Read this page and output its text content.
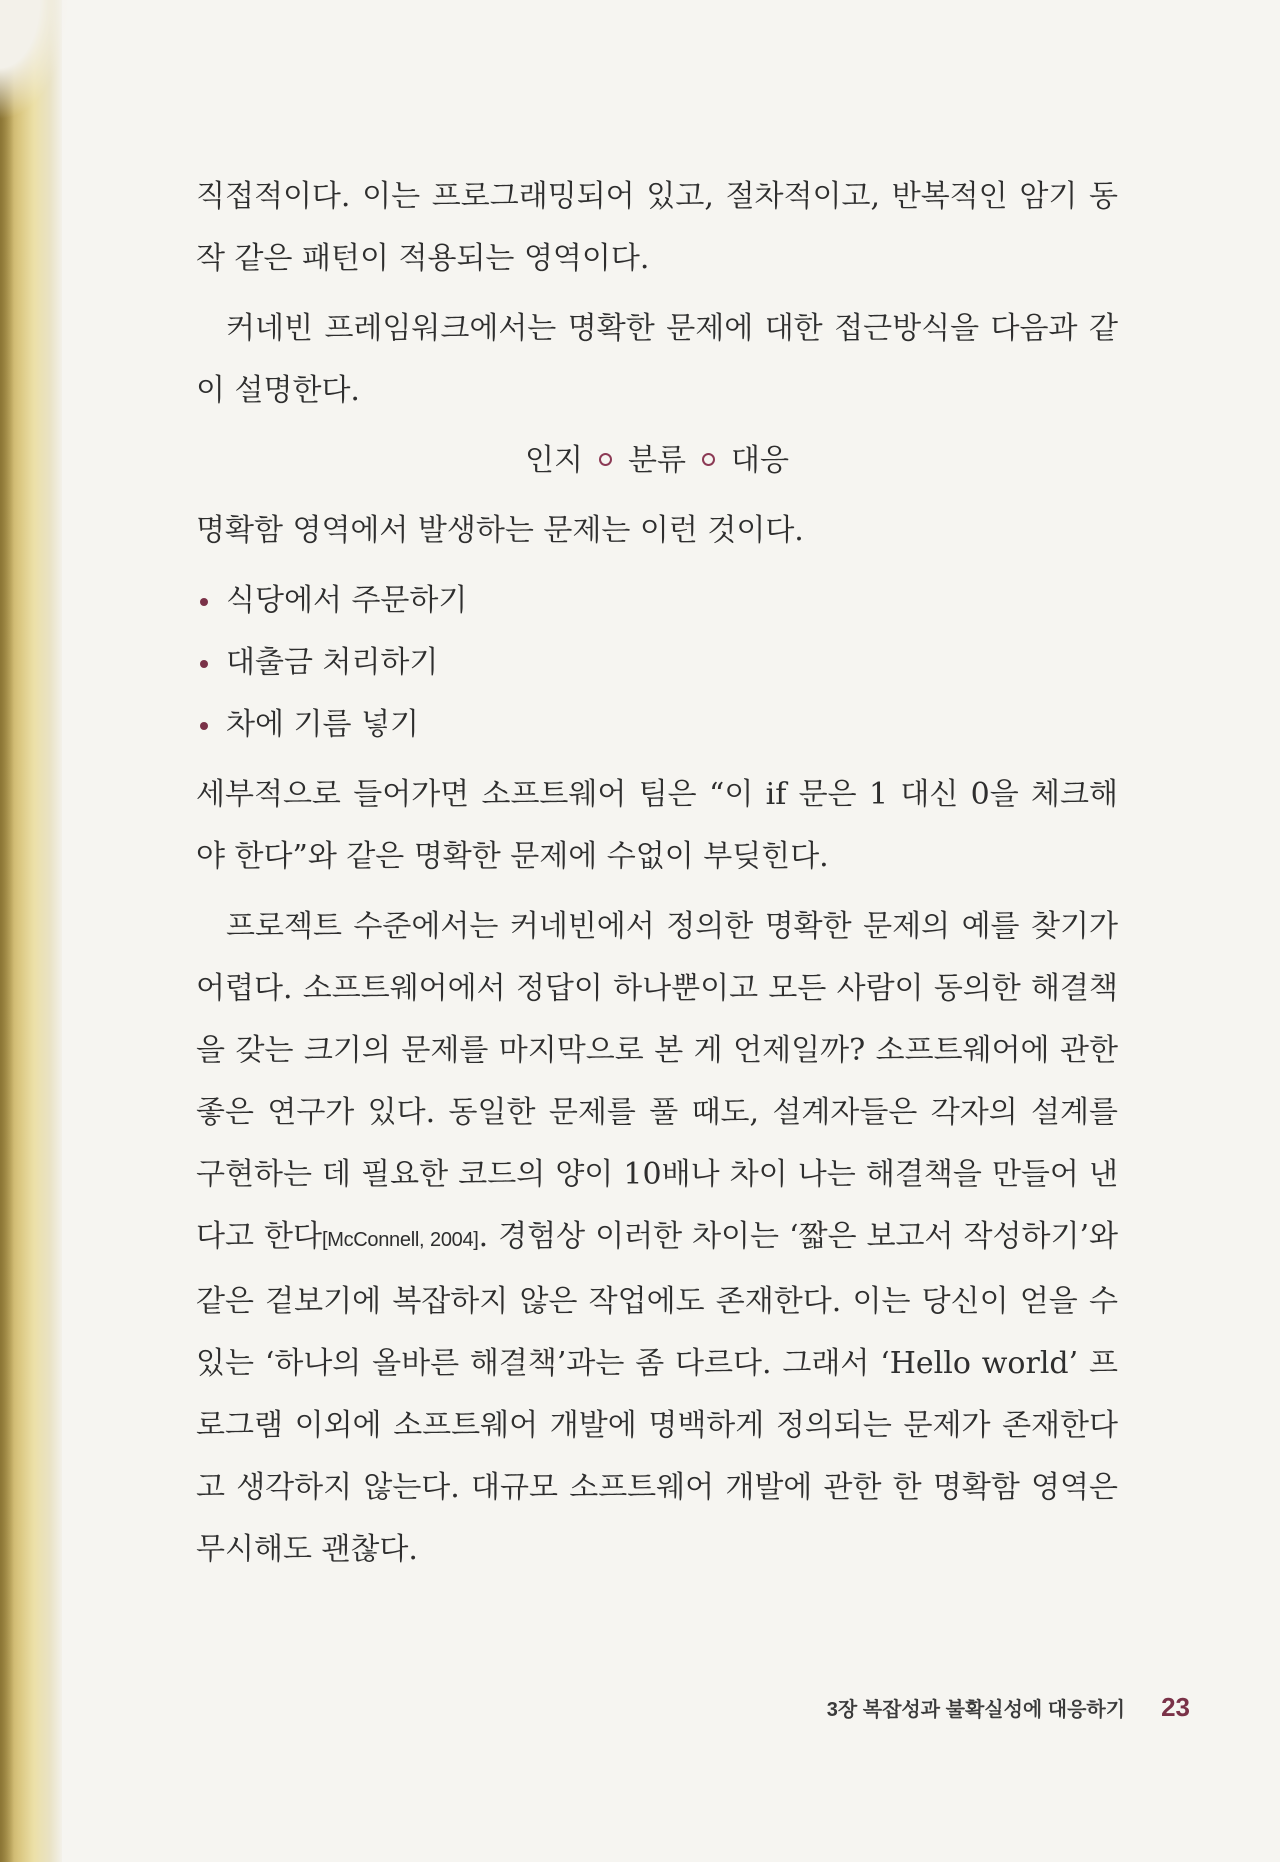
직접적이다. 이는 프로그래밍되어 있고, 절차적이고, 반복적인 암기 동작 같은 패턴이 적용되는 영역이다.

커네빈 프레임워크에서는 명확한 문제에 대한 접근방식을 다음과 같이 설명한다.

인지 분류 대응

명확함 영역에서 발생하는 문제는 이런 것이다.

식당에서 주문하기
대출금 처리하기
차에 기름 넣기

세부적으로 들어가면 소프트웨어 팀은 “이 if 문은 1 대신 0을 체크해야 한다”와 같은 명확한 문제에 수없이 부딪힌다.

프로젝트 수준에서는 커네빈에서 정의한 명확한 문제의 예를 찾기가 어렵다. 소프트웨어에서 정답이 하나뿐이고 모든 사람이 동의한 해결책을 갖는 크기의 문제를 마지막으로 본 게 언제일까? 소프트웨어에 관한 좋은 연구가 있다. 동일한 문제를 풀 때도, 설계자들은 각자의 설계를 구현하는 데 필요한 코드의 양이 10배나 차이 나는 해결책을 만들어 낸다고 한다[McConnell, 2004]. 경험상 이러한 차이는 ‘짧은 보고서 작성하기’와 같은 겉보기에 복잡하지 않은 작업에도 존재한다. 이는 당신이 얻을 수 있는 ‘하나의 올바른 해결책’과는 좀 다르다. 그래서 ‘Hello world’ 프로그램 이외에 소프트웨어 개발에 명백하게 정의되는 문제가 존재한다고 생각하지 않는다. 대규모 소프트웨어 개발에 관한 한 명확함 영역은 무시해도 괜찮다.

3장 복잡성과 불확실성에 대응하기 23
